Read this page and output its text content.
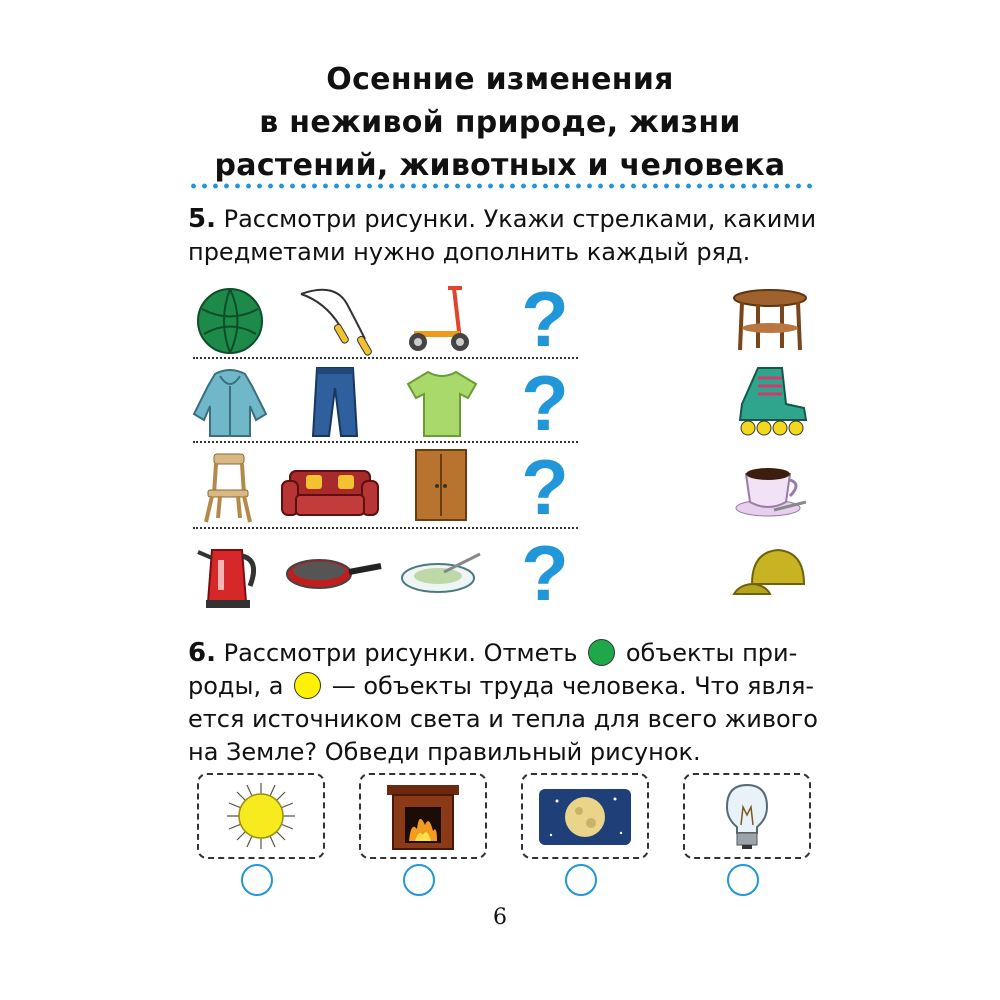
Осенние изменения
в неживой природе, жизни
растений, животных и человека
5. Рассмотри рисунки. Укажи стрелками, какими
предметами нужно дополнить каждый ряд.
?
?
?
?
6. Рассмотри рисунки. Отметь объекты при-
роды, а — объекты труда человека. Что явля-
ется источником света и тепла для всего живого
на Земле? Обведи правильный рисунок.
6
